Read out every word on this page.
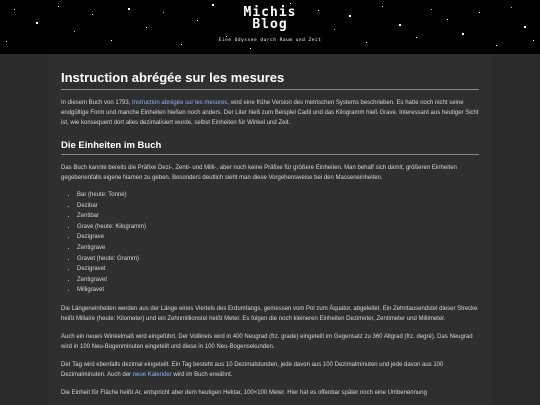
Michis
Blog
Eine Odyssee durch Raum und Zeit
Instruction abrégée sur les mesures

In diesem Buch von 1793, Instruction abrégée sur les mesures, wird eine frühe Version des metrischen Systems beschrieben. Es hatte noch nicht seine endgültige Form und manche Einheiten hießen noch anders. Der Liter hieß zum Beispiel Cadil und das Kilogramm hieß Grave. Interessant aus heutiger Sicht ist, wie konsequent dort alles dezimalisiert wurde, selbst Einheiten für Winkel und Zeit.

Die Einheiten im Buch

Das Buch kannte bereits die Präfixe Dezi-, Zenti- und Milli-, aber noch keine Präfixe für größere Einheiten. Man behalf sich damit, größeren Einheiten gegebenenfalls eigene Namen zu geben. Besonders deutlich sieht man diese Vorgehensweise bei den Masseneinheiten.

• Bar (heute: Tonne)
• Dezibar
• Zentibar
• Grave (heute: Kilogramm)
• Dezigrave
• Zentigrave
• Gravet (heute: Gramm)
• Dezigravet
• Zentigravet
• Milligravet

Die Längeneinheiten werden aus der Länge eines Viertels des Erdumfangs, gemessen vom Pol zum Äquator, abgeleitet. Ein Zehntausendstel dieser Strecke heißt Millaire (heute: Kilometer) und ein Zehnmillionstel heißt Meter. Es folgen die noch kleineren Einheiten Dezimeter, Zentimeter und Millimeter.

Auch ein neues Winkelmaß wird eingeführt. Der Vollkreis wird in 400 Neugrad (frz. grade) eingeteilt im Gegensatz zu 360 Altgrad (frz. degré). Das Neugrad wird in 100 Neu-Bogenminuten eingeteilt und diese in 100 Neu-Bogensekunden.

Der Tag wird ebenfalls dezimal eingeteilt. Ein Tag besteht aus 10 Dezimalstunden, jede davon aus 100 Dezimalminuten und jede davon aus 100 Dezimalminuten. Auch der neue Kalender wird im Buch erwähnt.

Die Einheit für Fläche heißt Ar, entspricht aber dem heutigen Hektar, 100×100 Meter. Hier hat es offenbar später noch eine Umbenennung
